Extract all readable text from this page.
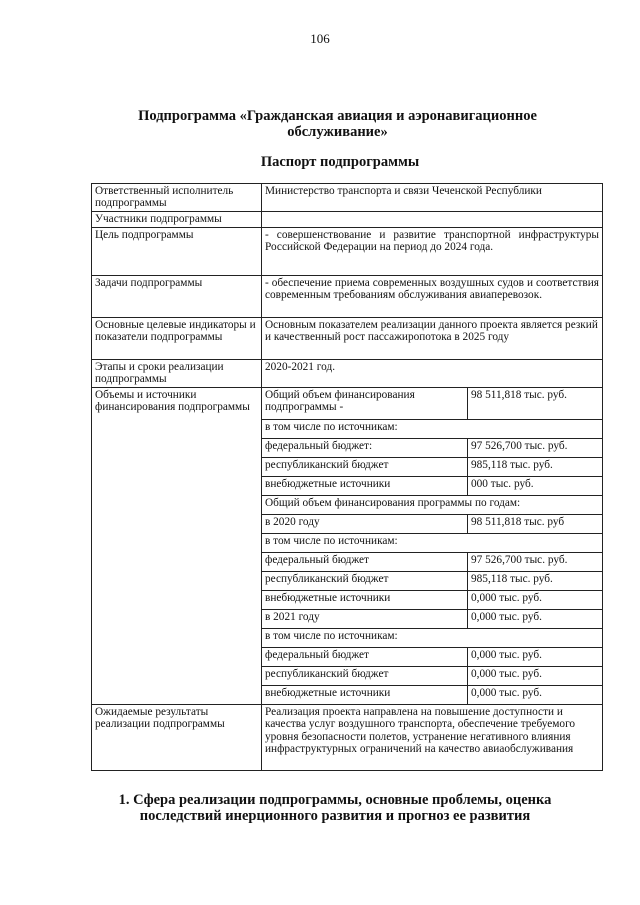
106
Подпрограмма «Гражданская авиация и аэронавигационное обслуживание»
Паспорт подпрограммы
Ответственный исполнитель подпрограммы	Министерство транспорта и связи Чеченской Республики
Участники подпрограммы	
Цель подпрограммы	- совершенствование и развитие транспортной инфраструктуры Российской Федерации на период до 2024 года.
Задачи подпрограммы	- обеспечение приема современных воздушных судов и соответствия современным требованиям обслуживания авиаперевозок.
Основные целевые индикаторы и показатели подпрограммы	Основным показателем реализации данного проекта является резкий и качественный рост пассажиропотока в 2025 году
Этапы и сроки реализации подпрограммы	2020-2021 год.
Объемы и источники финансирования подпрограммы	
Общий объем финансирования подпрограммы -	98 511,818 тыс. руб.
в том числе по источникам:
федеральный бюджет:	97 526,700 тыс. руб.
республиканский бюджет	985,118 тыс. руб.
внебюджетные источники	000 тыс. руб.
Общий объем финансирования программы по годам:
в 2020 году	98 511,818 тыс. руб
в том числе по источникам:
федеральный бюджет	97 526,700 тыс. руб.
республиканский бюджет	985,118 тыс. руб.
внебюджетные источники	0,000 тыс. руб.
в 2021 году	0,000 тыс. руб.
в том числе по источникам:
федеральный бюджет	0,000 тыс. руб.
республиканский бюджет	0,000 тыс. руб.
внебюджетные источники	0,000 тыс. руб.

Ожидаемые результаты реализации подпрограммы	Реализация проекта направлена на повышение доступности и качества услуг воздушного транспорта, обеспечение требуемого уровня безопасности полетов, устранение негативного влияния инфраструктурных ограничений на качество авиаобслуживания
1. Сфера реализации подпрограммы, основные проблемы, оценка последствий инерционного развития и прогноз ее развития
